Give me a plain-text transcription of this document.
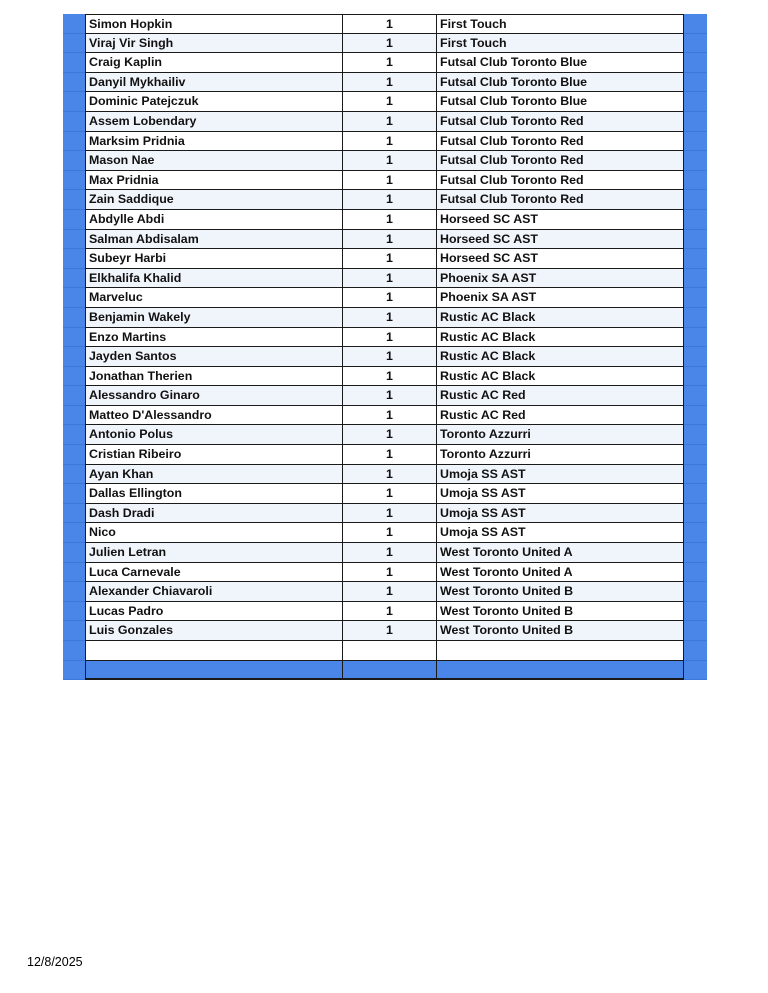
Simon Hopkin	1	First Touch
Viraj Vir Singh	1	First Touch
Craig Kaplin	1	Futsal Club Toronto Blue
Danyil Mykhailiv	1	Futsal Club Toronto Blue
Dominic Patejczuk	1	Futsal Club Toronto Blue
Assem Lobendary	1	Futsal Club Toronto Red
Marksim Pridnia	1	Futsal Club Toronto Red
Mason Nae	1	Futsal Club Toronto Red
Max Pridnia	1	Futsal Club Toronto Red
Zain Saddique	1	Futsal Club Toronto Red
Abdylle Abdi	1	Horseed SC AST
Salman Abdisalam	1	Horseed SC AST
Subeyr Harbi	1	Horseed SC AST
Elkhalifa Khalid	1	Phoenix SA AST
Marveluc	1	Phoenix SA AST
Benjamin Wakely	1	Rustic AC Black
Enzo Martins	1	Rustic AC Black
Jayden Santos	1	Rustic AC Black
Jonathan Therien	1	Rustic AC Black
Alessandro Ginaro	1	Rustic AC Red
Matteo D'Alessandro	1	Rustic AC Red
Antonio Polus	1	Toronto Azzurri
Cristian Ribeiro	1	Toronto Azzurri
Ayan Khan	1	Umoja SS AST
Dallas Ellington	1	Umoja SS AST
Dash Dradi	1	Umoja SS AST
Nico	1	Umoja SS AST
Julien Letran	1	West Toronto United A
Luca Carnevale	1	West Toronto United A
Alexander Chiavaroli	1	West Toronto United B
Lucas Padro	1	West Toronto United B
Luis Gonzales	1	West Toronto United B
12/8/2025
